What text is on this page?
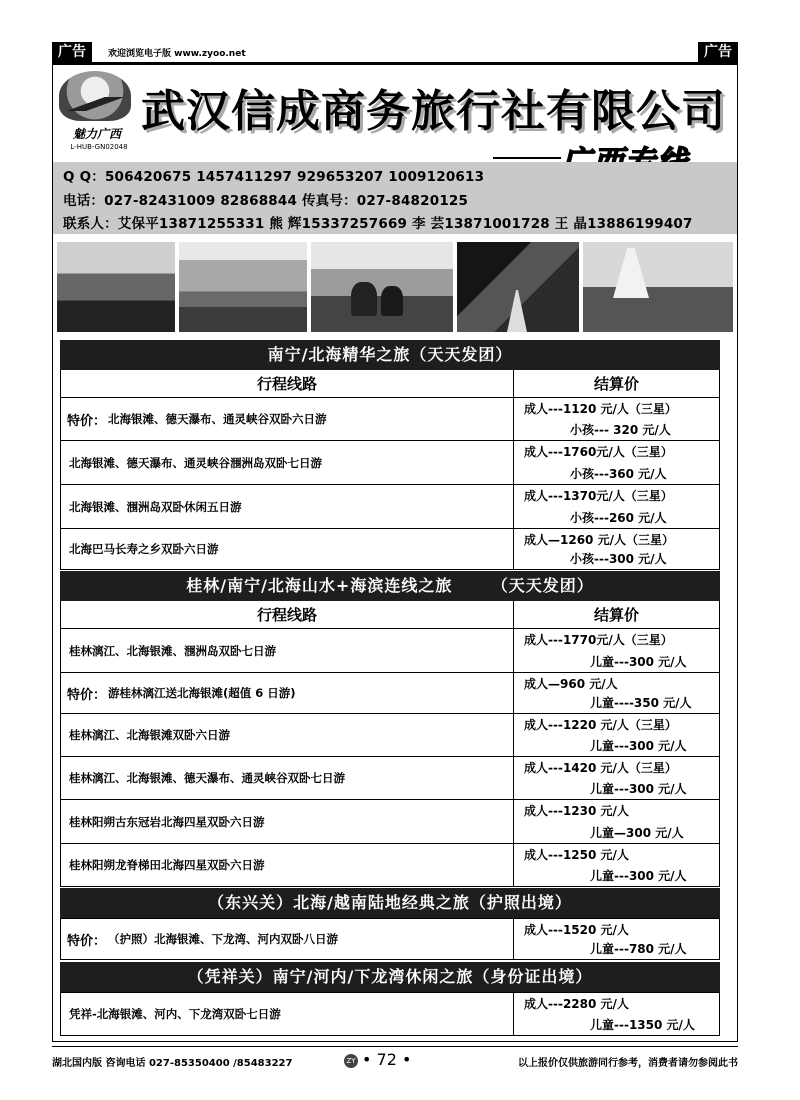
广告	欢迎浏览电子版 www.zyoo.net	广告
魅力广西
L-HUB-GN02048
武汉信成商务旅行社有限公司
Q Q：506420675 1457411297 929653207 1009120613
电话：027-82431009 82868844 传真号：027-84820125
联系人：艾保平13871255331 熊 辉15337257669 李 芸13871001728 王 晶13886199407
南宁/北海精华之旅（天天发团）
行程线路	结算价
特价： 北海银滩、德天瀑布、通灵峡谷双卧六日游
成人---1120 元/人（三星）
小孩--- 320 元/人
北海银滩、德天瀑布、通灵峡谷涠洲岛双卧七日游
成人---1760元/人（三星）
小孩---360 元/人
北海银滩、涠洲岛双卧休闲五日游
成人---1370元/人（三星）
小孩---260 元/人
北海巴马长寿之乡双卧六日游
成人—1260 元/人（三星）
小孩---300 元/人
桂林/南宁/北海山水+海滨连线之旅      （天天发团）
行程线路	结算价
桂林漓江、北海银滩、涠洲岛双卧七日游
成人---1770元/人（三星）
儿童---300 元/人
特价： 游桂林漓江送北海银滩(超值 6 日游)
成人—960 元/人
儿童----350 元/人
桂林漓江、北海银滩双卧六日游
成人---1220 元/人（三星）
儿童---300 元/人
桂林漓江、北海银滩、德天瀑布、通灵峡谷双卧七日游
成人---1420 元/人（三星）
儿童---300 元/人
桂林阳朔古东冠岩北海四星双卧六日游
成人---1230 元/人
儿童—300 元/人
桂林阳朔龙脊梯田北海四星双卧六日游
成人---1250 元/人
儿童---300 元/人
（东兴关）北海/越南陆地经典之旅（护照出境）
特价： （护照）北海银滩、下龙湾、河内双卧八日游
成人---1520 元/人
儿童---780 元/人
（凭祥关）南宁/河内/下龙湾休闲之旅（身份证出境）
凭祥-北海银滩、河内、下龙湾双卧七日游
成人---2280 元/人
儿童---1350 元/人
湖北国内版 咨询电话 027-85350400 /85483227	ZY • 72 •	以上报价仅供旅游同行参考，消费者请勿参阅此书
